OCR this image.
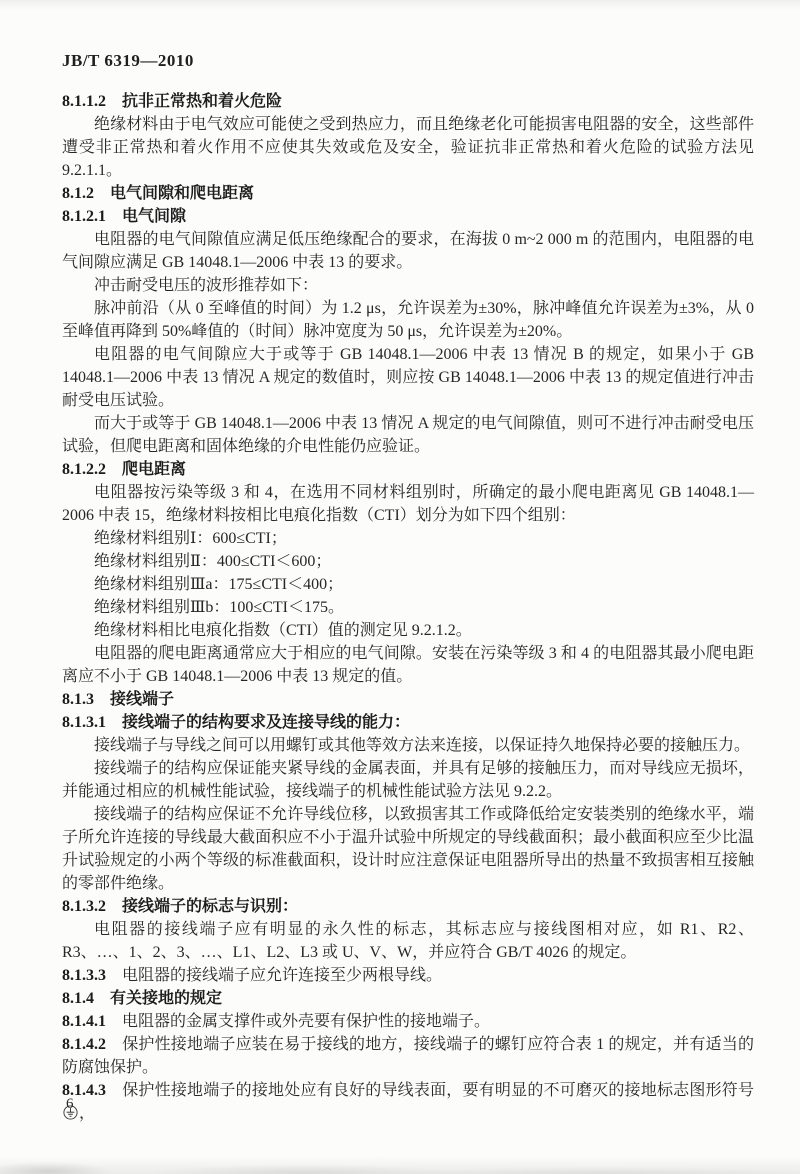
JB/T 6319—2010

8.1.1.2 抗非正常热和着火危险

绝缘材料由于电气效应可能使之受到热应力，而且绝缘老化可能损害电阻器的安全，这些部件遭受非正常热和着火作用不应使其失效或危及安全，验证抗非正常热和着火危险的试验方法见 9.2.1.1。

8.1.2 电气间隙和爬电距离

8.1.2.1 电气间隙

电阻器的电气间隙值应满足低压绝缘配合的要求，在海拔 0 m~2 000 m 的范围内，电阻器的电气间隙应满足 GB 14048.1—2006 中表 13 的要求。

冲击耐受电压的波形推荐如下：

脉冲前沿（从 0 至峰值的时间）为 1.2 μs，允许误差为±30%，脉冲峰值允许误差为±3%，从 0 至峰值再降到 50%峰值的（时间）脉冲宽度为 50 μs，允许误差为±20%。

电阻器的电气间隙应大于或等于 GB 14048.1—2006 中表 13 情况 B 的规定，如果小于 GB 14048.1—2006 中表 13 情况 A 规定的数值时，则应按 GB 14048.1—2006 中表 13 的规定值进行冲击耐受电压试验。

而大于或等于 GB 14048.1—2006 中表 13 情况 A 规定的电气间隙值，则可不进行冲击耐受电压试验，但爬电距离和固体绝缘的介电性能仍应验证。

8.1.2.2 爬电距离

电阻器按污染等级 3 和 4，在选用不同材料组别时，所确定的最小爬电距离见 GB 14048.1—2006 中表 15，绝缘材料按相比电痕化指数（CTI）划分为如下四个组别：

绝缘材料组别Ⅰ：600≤CTI；

绝缘材料组别Ⅱ：400≤CTI＜600；

绝缘材料组别Ⅲa：175≤CTI＜400；

绝缘材料组别Ⅲb：100≤CTI＜175。

绝缘材料相比电痕化指数（CTI）值的测定见 9.2.1.2。

电阻器的爬电距离通常应大于相应的电气间隙。安装在污染等级 3 和 4 的电阻器其最小爬电距离应不小于 GB 14048.1—2006 中表 13 规定的值。

8.1.3 接线端子

8.1.3.1 接线端子的结构要求及连接导线的能力：

接线端子与导线之间可以用螺钉或其他等效方法来连接，以保证持久地保持必要的接触压力。

接线端子的结构应保证能夹紧导线的金属表面，并具有足够的接触压力，而对导线应无损坏，并能通过相应的机械性能试验，接线端子的机械性能试验方法见 9.2.2。

接线端子的结构应保证不允许导线位移，以致损害其工作或降低给定安装类别的绝缘水平，端子所允许连接的导线最大截面积应不小于温升试验中所规定的导线截面积；最小截面积应至少比温升试验规定的小两个等级的标准截面积，设计时应注意保证电阻器所导出的热量不致损害相互接触的零部件绝缘。

8.1.3.2 接线端子的标志与识别：

电阻器的接线端子应有明显的永久性的标志，其标志应与接线图相对应，如 R1、R2、R3、…、1、2、3、…、L1、L2、L3 或 U、V、W，并应符合 GB/T 4026 的规定。

8.1.3.3 电阻器的接线端子应允许连接至少两根导线。

8.1.4 有关接地的规定

8.1.4.1 电阻器的金属支撑件或外壳要有保护性的接地端子。

8.1.4.2 保护性接地端子应装在易于接线的地方，接线端子的螺钉应符合表 1 的规定，并有适当的防腐蚀保护。

8.1.4.3 保护性接地端子的接地处应有良好的导线表面，要有明显的不可磨灭的接地标志图形符号，

6
